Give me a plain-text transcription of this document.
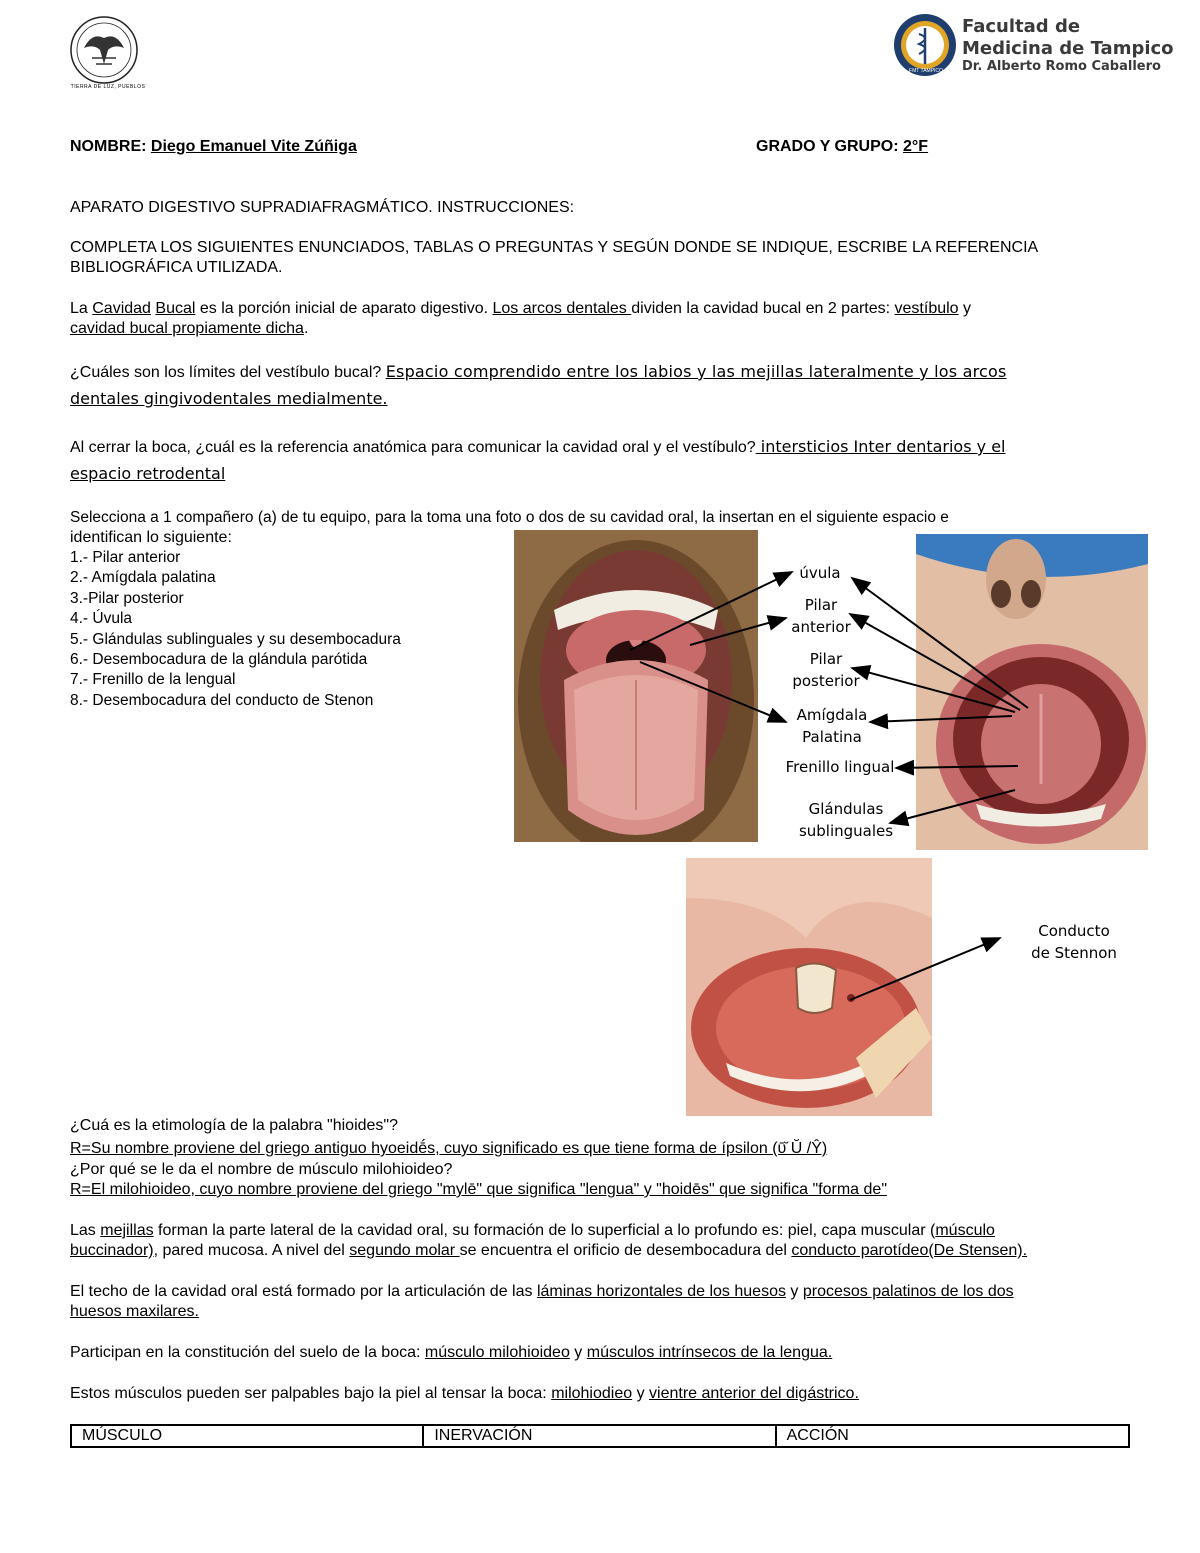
TIERRA DE LUZ, PUEBLOS
FMT TAMPICO
Facultad de
Medicina de Tampico
Dr. Alberto Romo Caballero
NOMBRE: Diego Emanuel Vite Zúñiga	GRADO Y GRUPO: 2°F
APARATO DIGESTIVO SUPRADIAFRAGMÁTICO. INSTRUCCIONES:
COMPLETA LOS SIGUIENTES ENUNCIADOS, TABLAS O PREGUNTAS Y SEGÚN DONDE SE INDIQUE, ESCRIBE LA REFERENCIA BIBLIOGRÁFICA UTILIZADA.
La Cavidad Bucal es la porción inicial de aparato digestivo. Los arcos dentales dividen la cavidad bucal en 2 partes: vestíbulo y
cavidad bucal propiamente dicha.
¿Cuáles son los límites del vestíbulo bucal? Espacio comprendido entre los labios y las mejillas lateralmente y los arcos
dentales gingivodentales medialmente.
Al cerrar la boca, ¿cuál es la referencia anatómica para comunicar la cavidad oral y el vestíbulo? intersticios Inter dentarios y el
espacio retrodental
Selecciona a 1 compañero (a) de tu equipo, para la toma una foto o dos de su cavidad oral, la insertan en el siguiente espacio e
identifican lo siguiente:
1.- Pilar anterior
2.- Amígdala palatina
3.-Pilar posterior
4.- Úvula
5.- Glándulas sublinguales y su desembocadura
6.- Desembocadura de la glándula parótida
7.- Frenillo de la lengual
8.- Desembocadura del conducto de Stenon
úvula
Pilar
anterior
Pilar
posterior
Amígdala
Palatina
Frenillo lingual
Glándulas
sublinguales
Conducto
de Stennon
¿Cuá es la etimología de la palabra "hioides"?
R=Su nombre proviene del griego antiguo hyoeidḗs, cuyo significado es que tiene forma de ípsilon (ῡ̆ Ŭ /Ŷ)
¿Por qué se le da el nombre de músculo milohioideo?
R=El milohioideo, cuyo nombre proviene del griego "mylē" que significa "lengua" y "hoidēs" que significa "forma de"
Las mejillas forman la parte lateral de la cavidad oral, su formación de lo superficial a lo profundo es: piel, capa muscular (músculo
buccinador), pared mucosa. A nivel del segundo molar se encuentra el orificio de desembocadura del conducto parotídeo(De Stensen).
El techo de la cavidad oral está formado por la articulación de las láminas horizontales de los huesos y procesos palatinos de los dos
huesos maxilares.
Participan en la constitución del suelo de la boca: músculo milohioideo y músculos intrínsecos de la lengua.
Estos músculos pueden ser palpables bajo la piel al tensar la boca: milohiodieo y vientre anterior del digástrico.
MÚSCULO	INERVACIÓN	ACCIÓN
